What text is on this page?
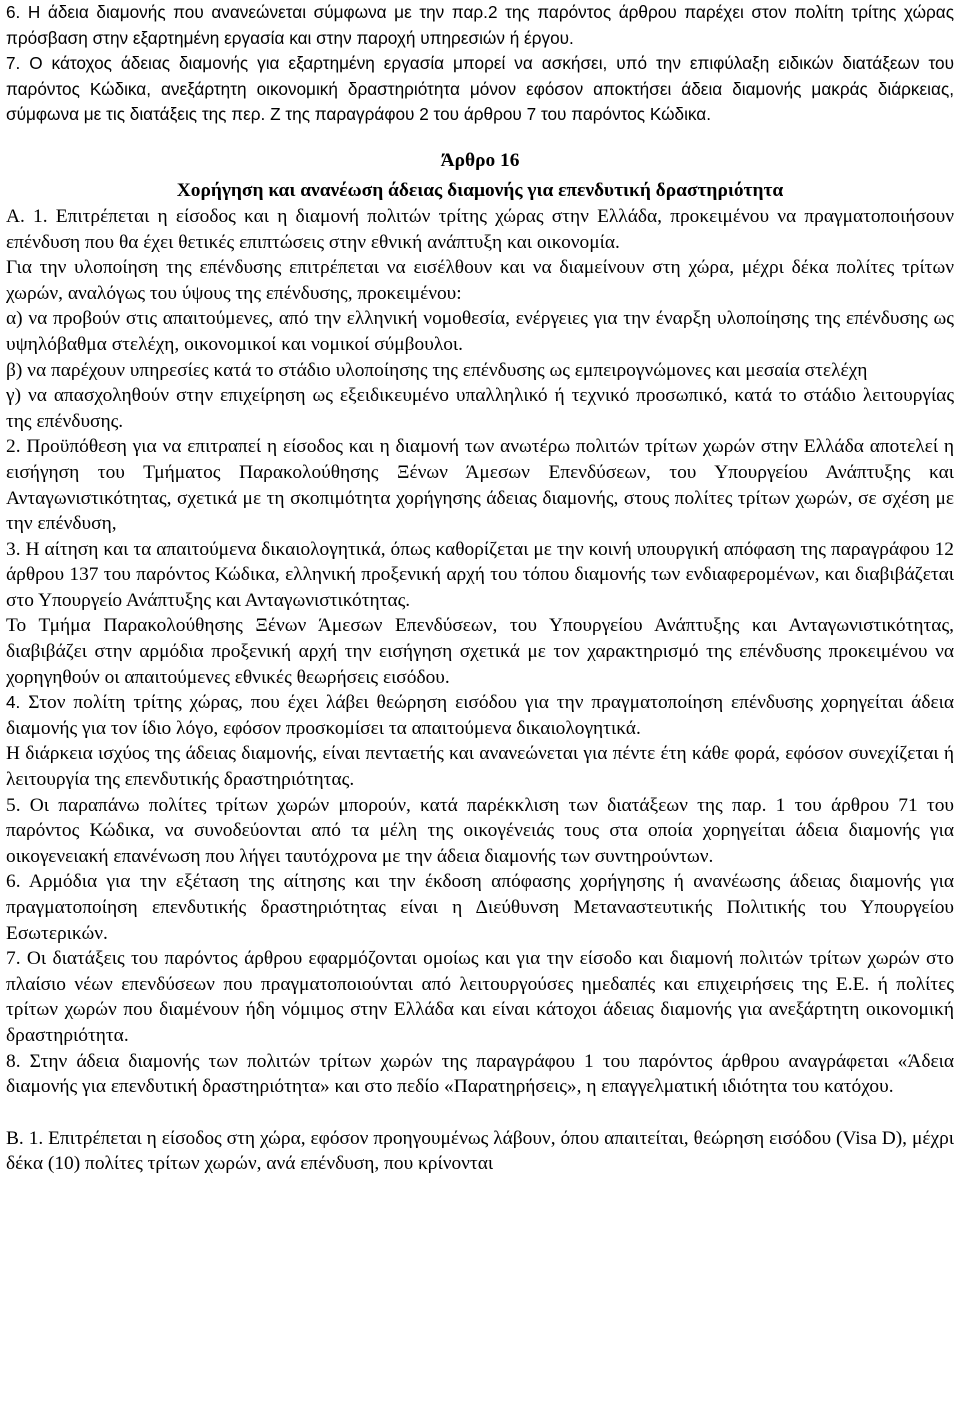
6. Η άδεια διαμονής που ανανεώνεται σύμφωνα με την παρ.2 της παρόντος άρθρου παρέχει στον πολίτη τρίτης χώρας πρόσβαση στην εξαρτημένη εργασία και στην παροχή υπηρεσιών ή έργου.

7. Ο κάτοχος άδειας διαμονής για εξαρτημένη εργασία μπορεί να ασκήσει, υπό την επιφύλαξη ειδικών διατάξεων του παρόντος Κώδικα, ανεξάρτητη οικονομική δραστηριότητα μόνον εφόσον αποκτήσει άδεια διαμονής μακράς διάρκειας, σύμφωνα με τις διατάξεις της περ. Ζ της παραγράφου 2 του άρθρου 7 του παρόντος Κώδικα.

Άρθρο 16
Χορήγηση και ανανέωση άδειας διαμονής για επενδυτική δραστηριότητα

Α. 1. Επιτρέπεται η είσοδος και η διαμονή πολιτών τρίτης χώρας στην Ελλάδα, προκειμένου να πραγματοποιήσουν επένδυση που θα έχει θετικές επιπτώσεις στην εθνική ανάπτυξη και οικονομία.

Για την υλοποίηση της επένδυσης επιτρέπεται να εισέλθουν και να διαμείνουν στη χώρα, μέχρι δέκα πολίτες τρίτων χωρών, αναλόγως του ύψους της επένδυσης, προκειμένου:

α) να προβούν στις απαιτούμενες, από την ελληνική νομοθεσία, ενέργειες για την έναρξη υλοποίησης της επένδυσης ως υψηλόβαθμα στελέχη, οικονομικοί και νομικοί σύμβουλοι.

β) να παρέχουν υπηρεσίες κατά το στάδιο υλοποίησης της επένδυσης ως εμπειρογνώμονες και μεσαία στελέχη

γ) να απασχοληθούν στην επιχείρηση ως εξειδικευμένο υπαλληλικό ή τεχνικό προσωπικό, κατά το στάδιο λειτουργίας της επένδυσης.

2. Προϋπόθεση για να επιτραπεί η είσοδος και η διαμονή των ανωτέρω πολιτών τρίτων χωρών στην Ελλάδα αποτελεί η εισήγηση του Τμήματος Παρακολούθησης Ξένων Άμεσων Επενδύσεων, του Υπουργείου Ανάπτυξης και Ανταγωνιστικότητας, σχετικά με τη σκοπιμότητα χορήγησης άδειας διαμονής, στους πολίτες τρίτων χωρών, σε σχέση με την επένδυση,

3. Η αίτηση και τα απαιτούμενα δικαιολογητικά, όπως καθορίζεται με την κοινή υπουργική απόφαση της παραγράφου 12 άρθρου 137 του παρόντος Κώδικα, ελληνική προξενική αρχή του τόπου διαμονής των ενδιαφερομένων, και διαβιβάζεται στο Υπουργείο Ανάπτυξης και Ανταγωνιστικότητας.

Το Τμήμα Παρακολούθησης Ξένων Άμεσων Επενδύσεων, του Υπουργείου Ανάπτυξης και Ανταγωνιστικότητας, διαβιβάζει στην αρμόδια προξενική αρχή την εισήγηση σχετικά με τον χαρακτηρισμό της επένδυσης προκειμένου να χορηγηθούν οι απαιτούμενες εθνικές θεωρήσεις εισόδου.

4. Στον πολίτη τρίτης χώρας, που έχει λάβει θεώρηση εισόδου για την πραγματοποίηση επένδυσης χορηγείται άδεια διαμονής για τον ίδιο λόγο, εφόσον προσκομίσει τα απαιτούμενα δικαιολογητικά.

Η διάρκεια ισχύος της άδειας διαμονής, είναι πενταετής και ανανεώνεται για πέντε έτη κάθε φορά, εφόσον συνεχίζεται ή λειτουργία της επενδυτικής δραστηριότητας.

5. Οι παραπάνω πολίτες τρίτων χωρών μπορούν, κατά παρέκκλιση των διατάξεων της παρ. 1 του άρθρου 71 του παρόντος Κώδικα, να συνοδεύονται από τα μέλη της οικογένειάς τους στα οποία χορηγείται άδεια διαμονής για οικογενειακή επανένωση που λήγει ταυτόχρονα με την άδεια διαμονής των συντηρούντων.

6. Αρμόδια για την εξέταση της αίτησης και την έκδοση απόφασης χορήγησης ή ανανέωσης άδειας διαμονής για πραγματοποίηση επενδυτικής δραστηριότητας είναι η Διεύθυνση Μεταναστευτικής Πολιτικής του Υπουργείου Εσωτερικών.

7. Οι διατάξεις του παρόντος άρθρου εφαρμόζονται ομοίως και για την είσοδο και διαμονή πολιτών τρίτων χωρών στο πλαίσιο νέων επενδύσεων που πραγματοποιούνται από λειτουργούσες ημεδαπές και επιχειρήσεις της Ε.Ε. ή πολίτες τρίτων χωρών που διαμένουν ήδη νόμιμος στην Ελλάδα και είναι κάτοχοι άδειας διαμονής για ανεξάρτητη οικονομική δραστηριότητα.

8. Στην άδεια διαμονής των πολιτών τρίτων χωρών της παραγράφου 1 του παρόντος άρθρου αναγράφεται «Άδεια διαμονής για επενδυτική δραστηριότητα» και στο πεδίο «Παρατηρήσεις», η επαγγελματική ιδιότητα του κατόχου.

Β. 1. Επιτρέπεται η είσοδος στη χώρα, εφόσον προηγουμένως λάβουν, όπου απαιτείται, θεώρηση εισόδου (Visa D), μέχρι δέκα (10) πολίτες τρίτων χωρών, ανά επένδυση, που κρίνονται
